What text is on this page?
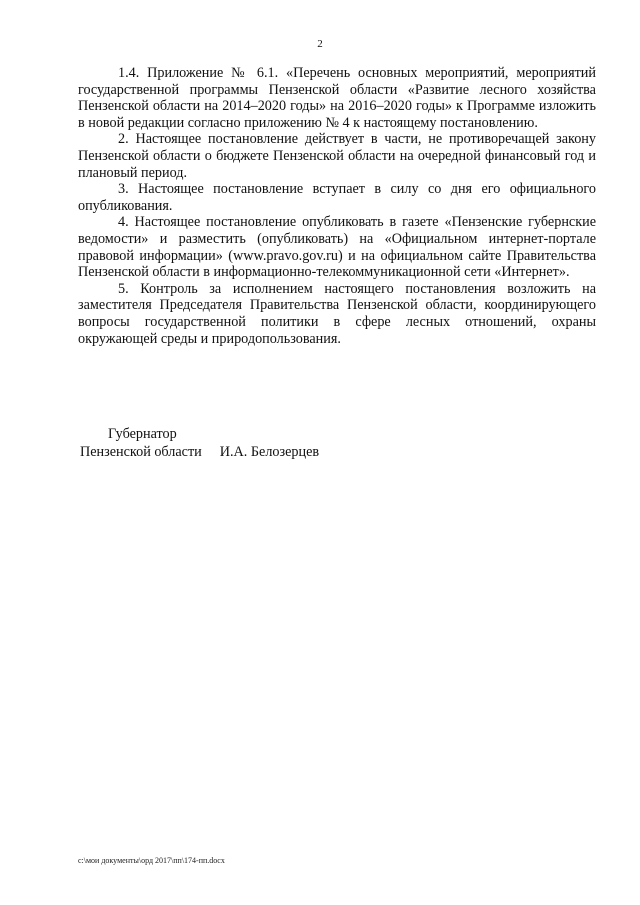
2

1.4. Приложение № 6.1. «Перечень основных мероприятий, мероприятий государственной программы Пензенской области «Развитие лесного хозяйства Пензенской области на 2014–2020 годы» на 2016–2020 годы» к Программе изложить в новой редакции согласно приложению № 4 к настоящему постановлению.

2. Настоящее постановление действует в части, не противоречащей закону Пензенской области о бюджете Пензенской области на очередной финансовый год и плановый период.

3. Настоящее постановление вступает в силу со дня его официального опубликования.

4. Настоящее постановление опубликовать в газете «Пензенские губернские ведомости» и разместить (опубликовать) на «Официальном интернет-портале правовой информации» (www.pravo.gov.ru) и на официальном сайте Правительства Пензенской области в информационно-телекоммуникационной сети «Интернет».

5. Контроль за исполнением настоящего постановления возложить на заместителя Председателя Правительства Пензенской области, координирующего вопросы государственной политики в сфере лесных отношений, охраны окружающей среды и природопользования.

Губернатор
Пензенской области И.А. Белозерцев
c:\мои документы\орд 2017\пп\174-пп.docx
